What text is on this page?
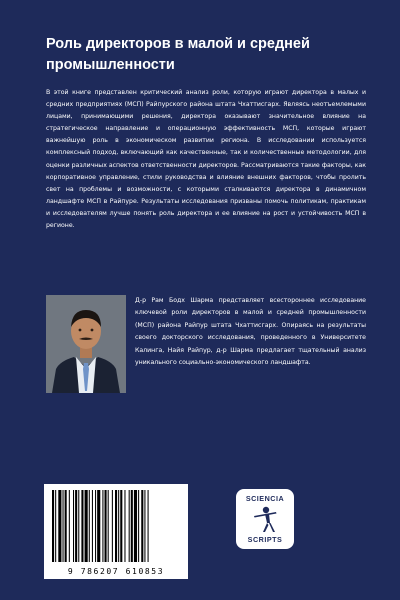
Роль директоров в малой и средней промышленности

В этой книге представлен критический анализ роли, которую играют директора в малых и средних предприятиях (МСП) Райпурского района штата Чхаттисгарх. Являясь неотъемлемыми лицами, принимающими решения, директора оказывают значительное влияние на стратегическое направление и операционную эффективность МСП, которые играют важнейшую роль в экономическом развитии региона. В исследовании используется комплексный подход, включающий как качественные, так и количественные методологии, для оценки различных аспектов ответственности директоров. Рассматриваются такие факторы, как корпоративное управление, стили руководства и влияние внешних факторов, чтобы пролить свет на проблемы и возможности, с которыми сталкиваются директора в динамичном ландшафте МСП в Райпуре. Результаты исследования призваны помочь политикам, практикам и исследователям лучше понять роль директора и ее влияние на рост и устойчивость МСП в регионе.

Д-р Рам Бодх Шарма представляет всестороннее исследование ключевой роли директоров в малой и средней промышленности (МСП) района Райпур штата Чхаттисгарх. Опираясь на результаты своего докторского исследования, проведенного в Университете Калинга, Найя Райпур, д-р Шарма предлагает тщательный анализ уникального социально-экономического ландшафта.

9 786207 610853
SCIENCIA
SCRIPTS
